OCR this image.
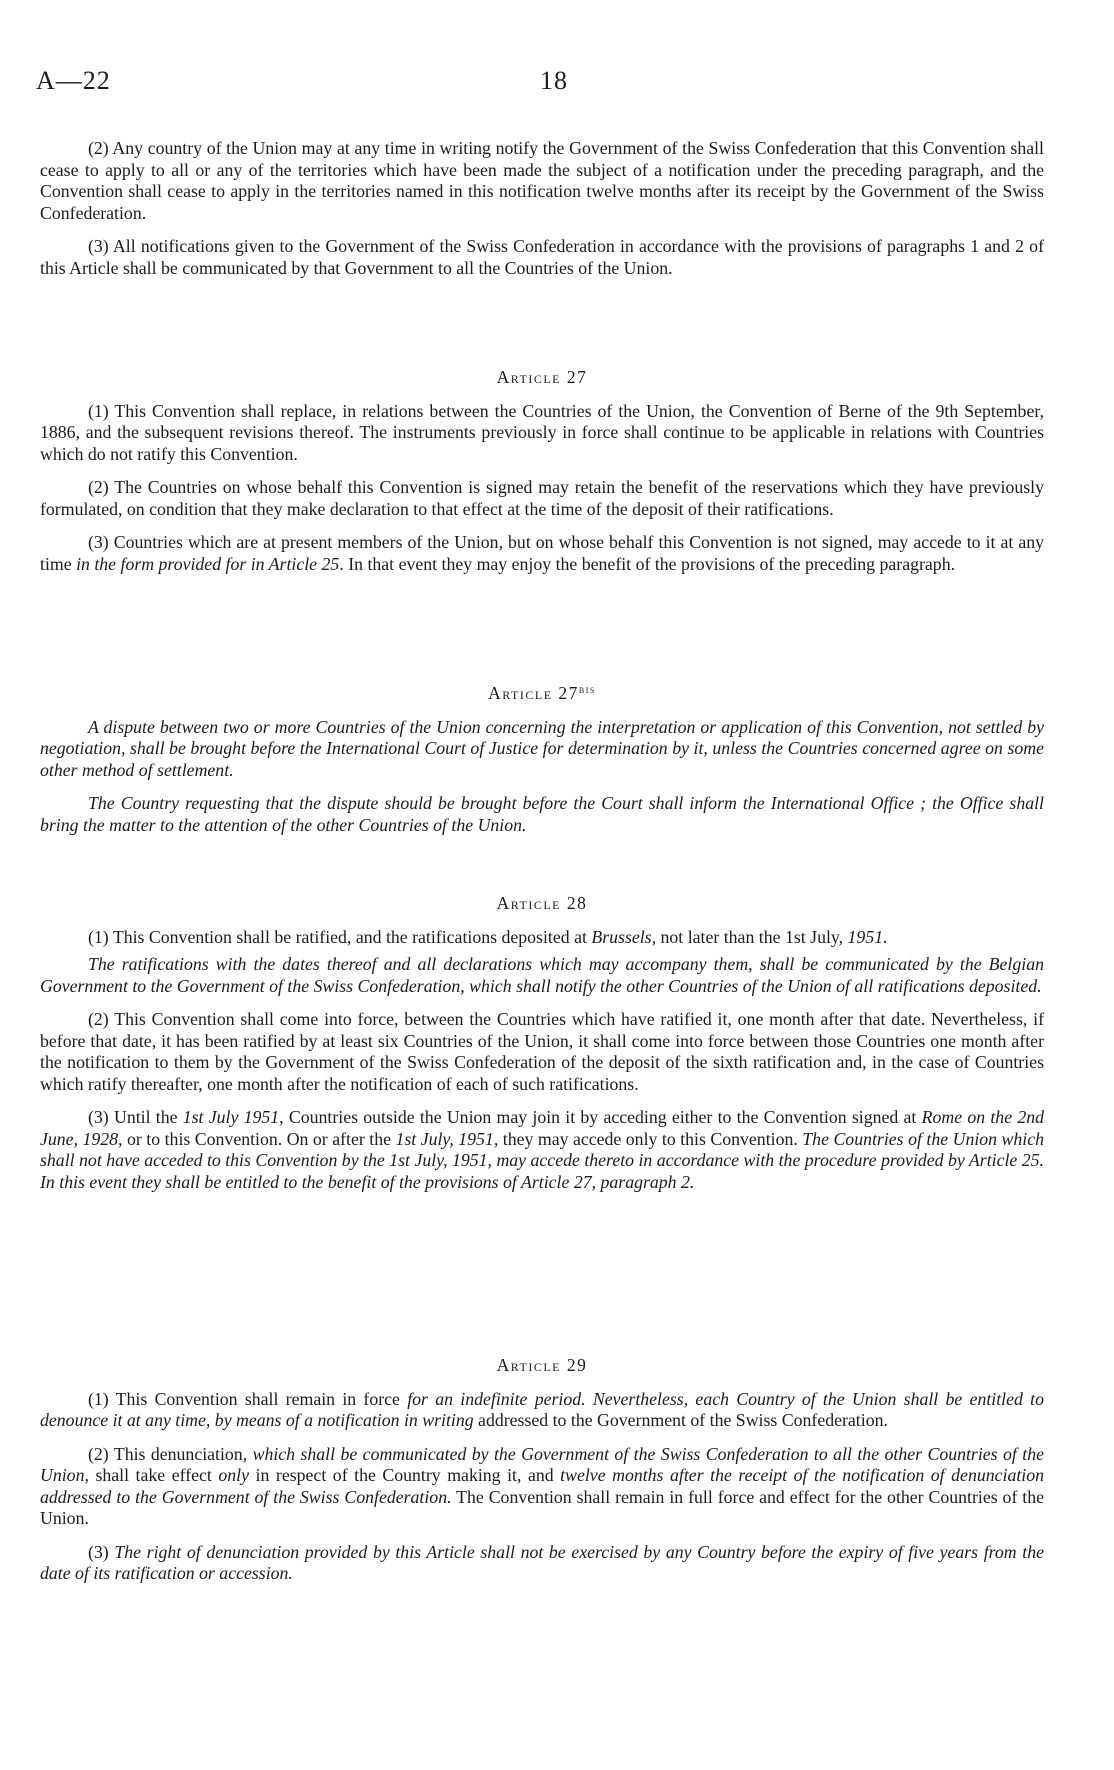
A—22	18

(2) Any country of the Union may at any time in writing notify the Government of the Swiss Confederation that this Convention shall cease to apply to all or any of the territories which have been made the subject of a notification under the preceding paragraph, and the Convention shall cease to apply in the territories named in this notification twelve months after its receipt by the Government of the Swiss Confederation.

(3) All notifications given to the Government of the Swiss Confederation in accordance with the provisions of paragraphs 1 and 2 of this Article shall be communicated by that Government to all the Countries of the Union.

Article 27

(1) This Convention shall replace, in relations between the Countries of the Union, the Convention of Berne of the 9th September, 1886, and the subsequent revisions thereof. The instruments previously in force shall continue to be applicable in relations with Countries which do not ratify this Convention.

(2) The Countries on whose behalf this Convention is signed may retain the benefit of the reservations which they have previously formulated, on condition that they make declaration to that effect at the time of the deposit of their ratifications.

(3) Countries which are at present members of the Union, but on whose behalf this Convention is not signed, may accede to it at any time in the form provided for in Article 25. In that event they may enjoy the benefit of the provisions of the preceding paragraph.

Article $27^{bis}$

A dispute between two or more Countries of the Union concerning the interpretation or application of this Convention, not settled by negotiation, shall be brought before the International Court of Justice for determination by it, unless the Countries concerned agree on some other method of settlement.

The Country requesting that the dispute should be brought before the Court shall inform the International Office ; the Office shall bring the matter to the attention of the other Countries of the Union.

Article 28

(1) This Convention shall be ratified, and the ratifications deposited at Brussels, not later than the 1st July, 1951.

The ratifications with the dates thereof and all declarations which may accompany them, shall be communicated by the Belgian Government to the Government of the Swiss Confederation, which shall notify the other Countries of the Union of all ratifications deposited.

(2) This Convention shall come into force, between the Countries which have ratified it, one month after that date. Nevertheless, if before that date, it has been ratified by at least six Countries of the Union, it shall come into force between those Countries one month after the notification to them by the Government of the Swiss Confederation of the deposit of the sixth ratification and, in the case of Countries which ratify thereafter, one month after the notification of each of such ratifications.

(3) Until the 1st July 1951, Countries outside the Union may join it by acceding either to the Convention signed at Rome on the 2nd June, 1928, or to this Convention. On or after the 1st July, 1951, they may accede only to this Convention. The Countries of the Union which shall not have acceded to this Convention by the 1st July, 1951, may accede thereto in accordance with the procedure provided by Article 25. In this event they shall be entitled to the benefit of the provisions of Article 27, paragraph 2.

Article 29

(1) This Convention shall remain in force for an indefinite period. Nevertheless, each Country of the Union shall be entitled to denounce it at any time, by means of a notification in writing addressed to the Government of the Swiss Confederation.

(2) This denunciation, which shall be communicated by the Government of the Swiss Confederation to all the other Countries of the Union, shall take effect only in respect of the Country making it, and twelve months after the receipt of the notification of denunciation addressed to the Government of the Swiss Confederation. The Convention shall remain in full force and effect for the other Countries of the Union.

(3) The right of denunciation provided by this Article shall not be exercised by any Country before the expiry of five years from the date of its ratification or accession.
